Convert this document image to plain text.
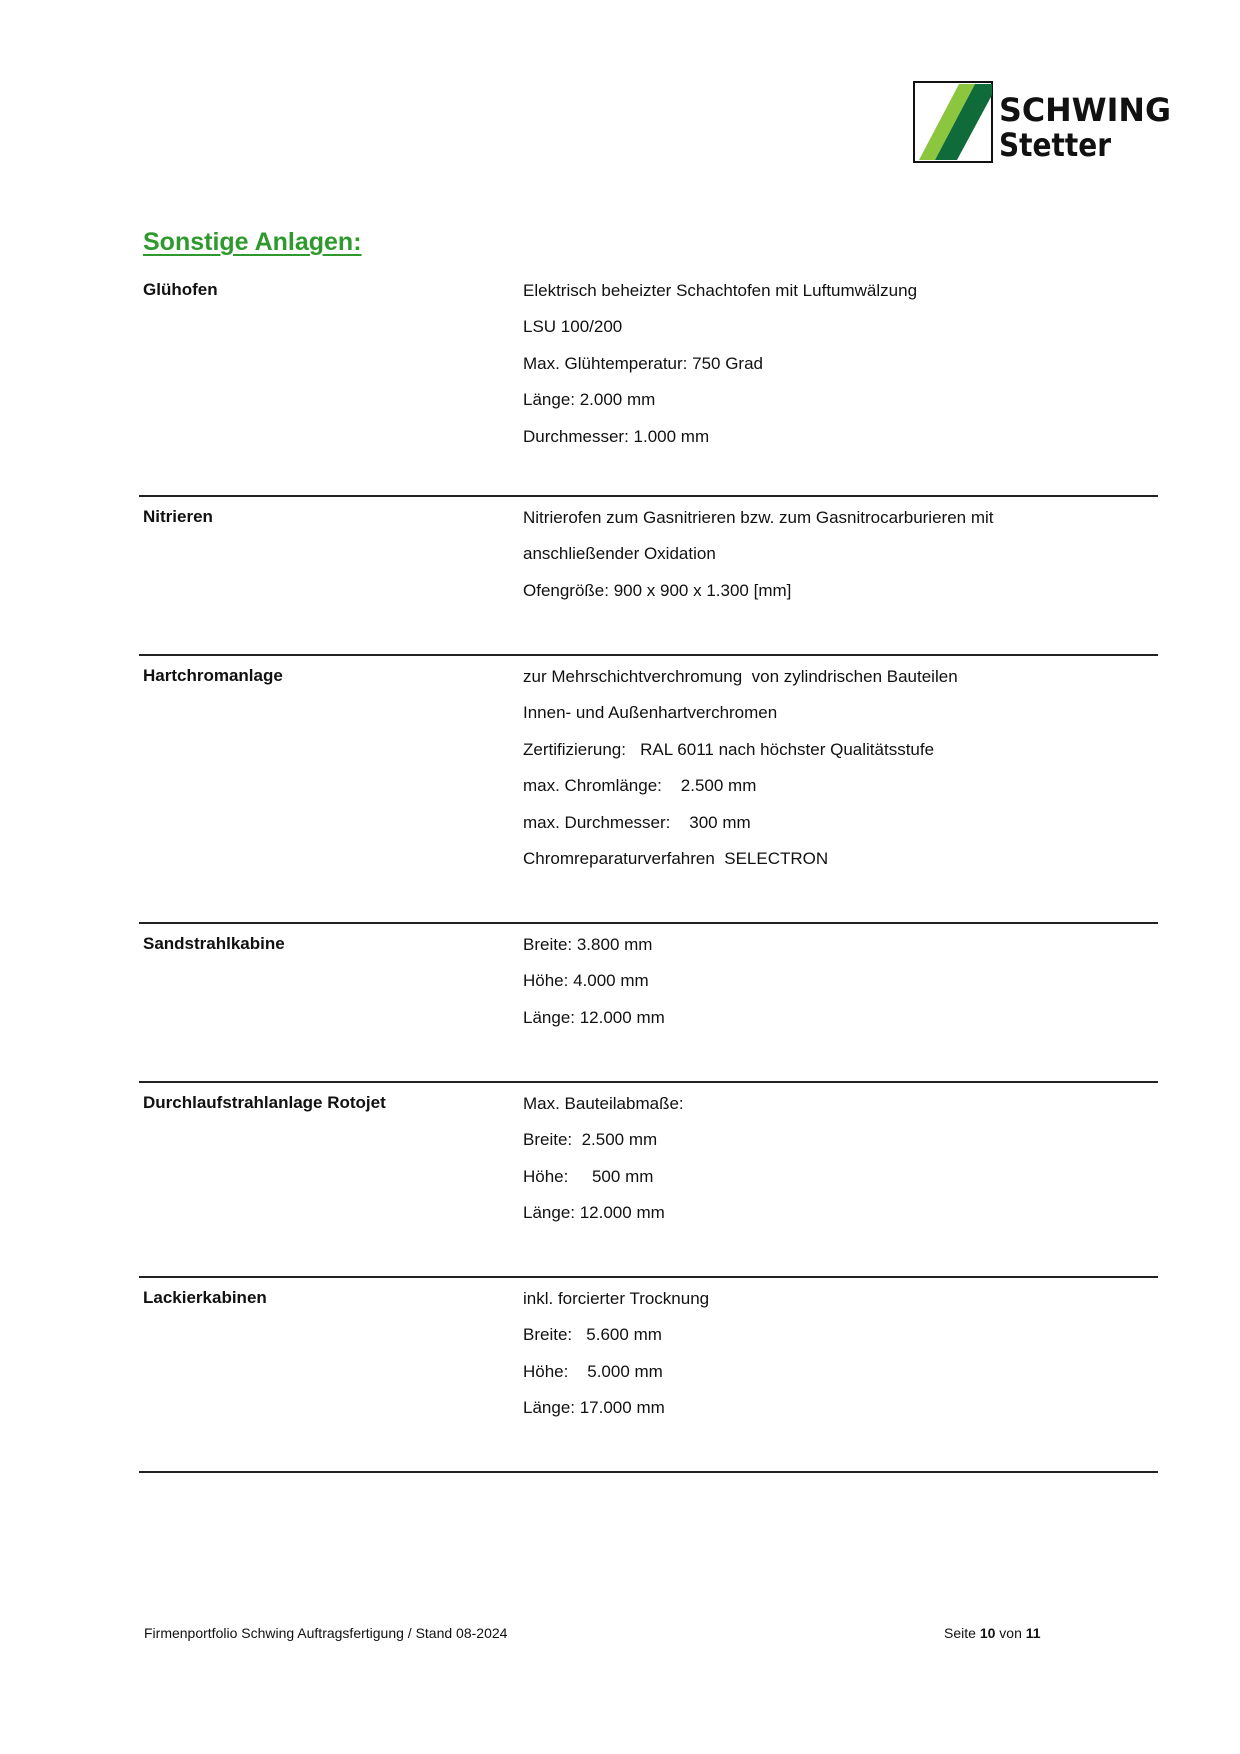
SCHWING
Stetter
Sonstige Anlagen:
Glühofen	Elektrisch beheizter Schachtofen mit Luftumwälzung
LSU 100/200
Max. Glühtemperatur: 750 Grad
Länge: 2.000 mm
Durchmesser: 1.000 mm
Nitrieren	Nitrierofen zum Gasnitrieren bzw. zum Gasnitrocarburieren mit
anschließender Oxidation
Ofengröße: 900 x 900 x 1.300 [mm]
Hartchromanlage	zur Mehrschichtverchromung  von zylindrischen Bauteilen
Innen- und Außenhartverchromen
Zertifizierung:   RAL 6011 nach höchster Qualitätsstufe
max. Chromlänge:    2.500 mm
max. Durchmesser:    300 mm
Chromreparaturverfahren  SELECTRON
Sandstrahlkabine	Breite: 3.800 mm
Höhe: 4.000 mm
Länge: 12.000 mm
Durchlaufstrahlanlage Rotojet	Max. Bauteilabmaße:
Breite:  2.500 mm
Höhe:     500 mm
Länge: 12.000 mm
Lackierkabinen	inkl. forcierter Trocknung
Breite:   5.600 mm
Höhe:    5.000 mm
Länge: 17.000 mm
Firmenportfolio Schwing Auftragsfertigung / Stand 08-2024	Seite 10 von 11
